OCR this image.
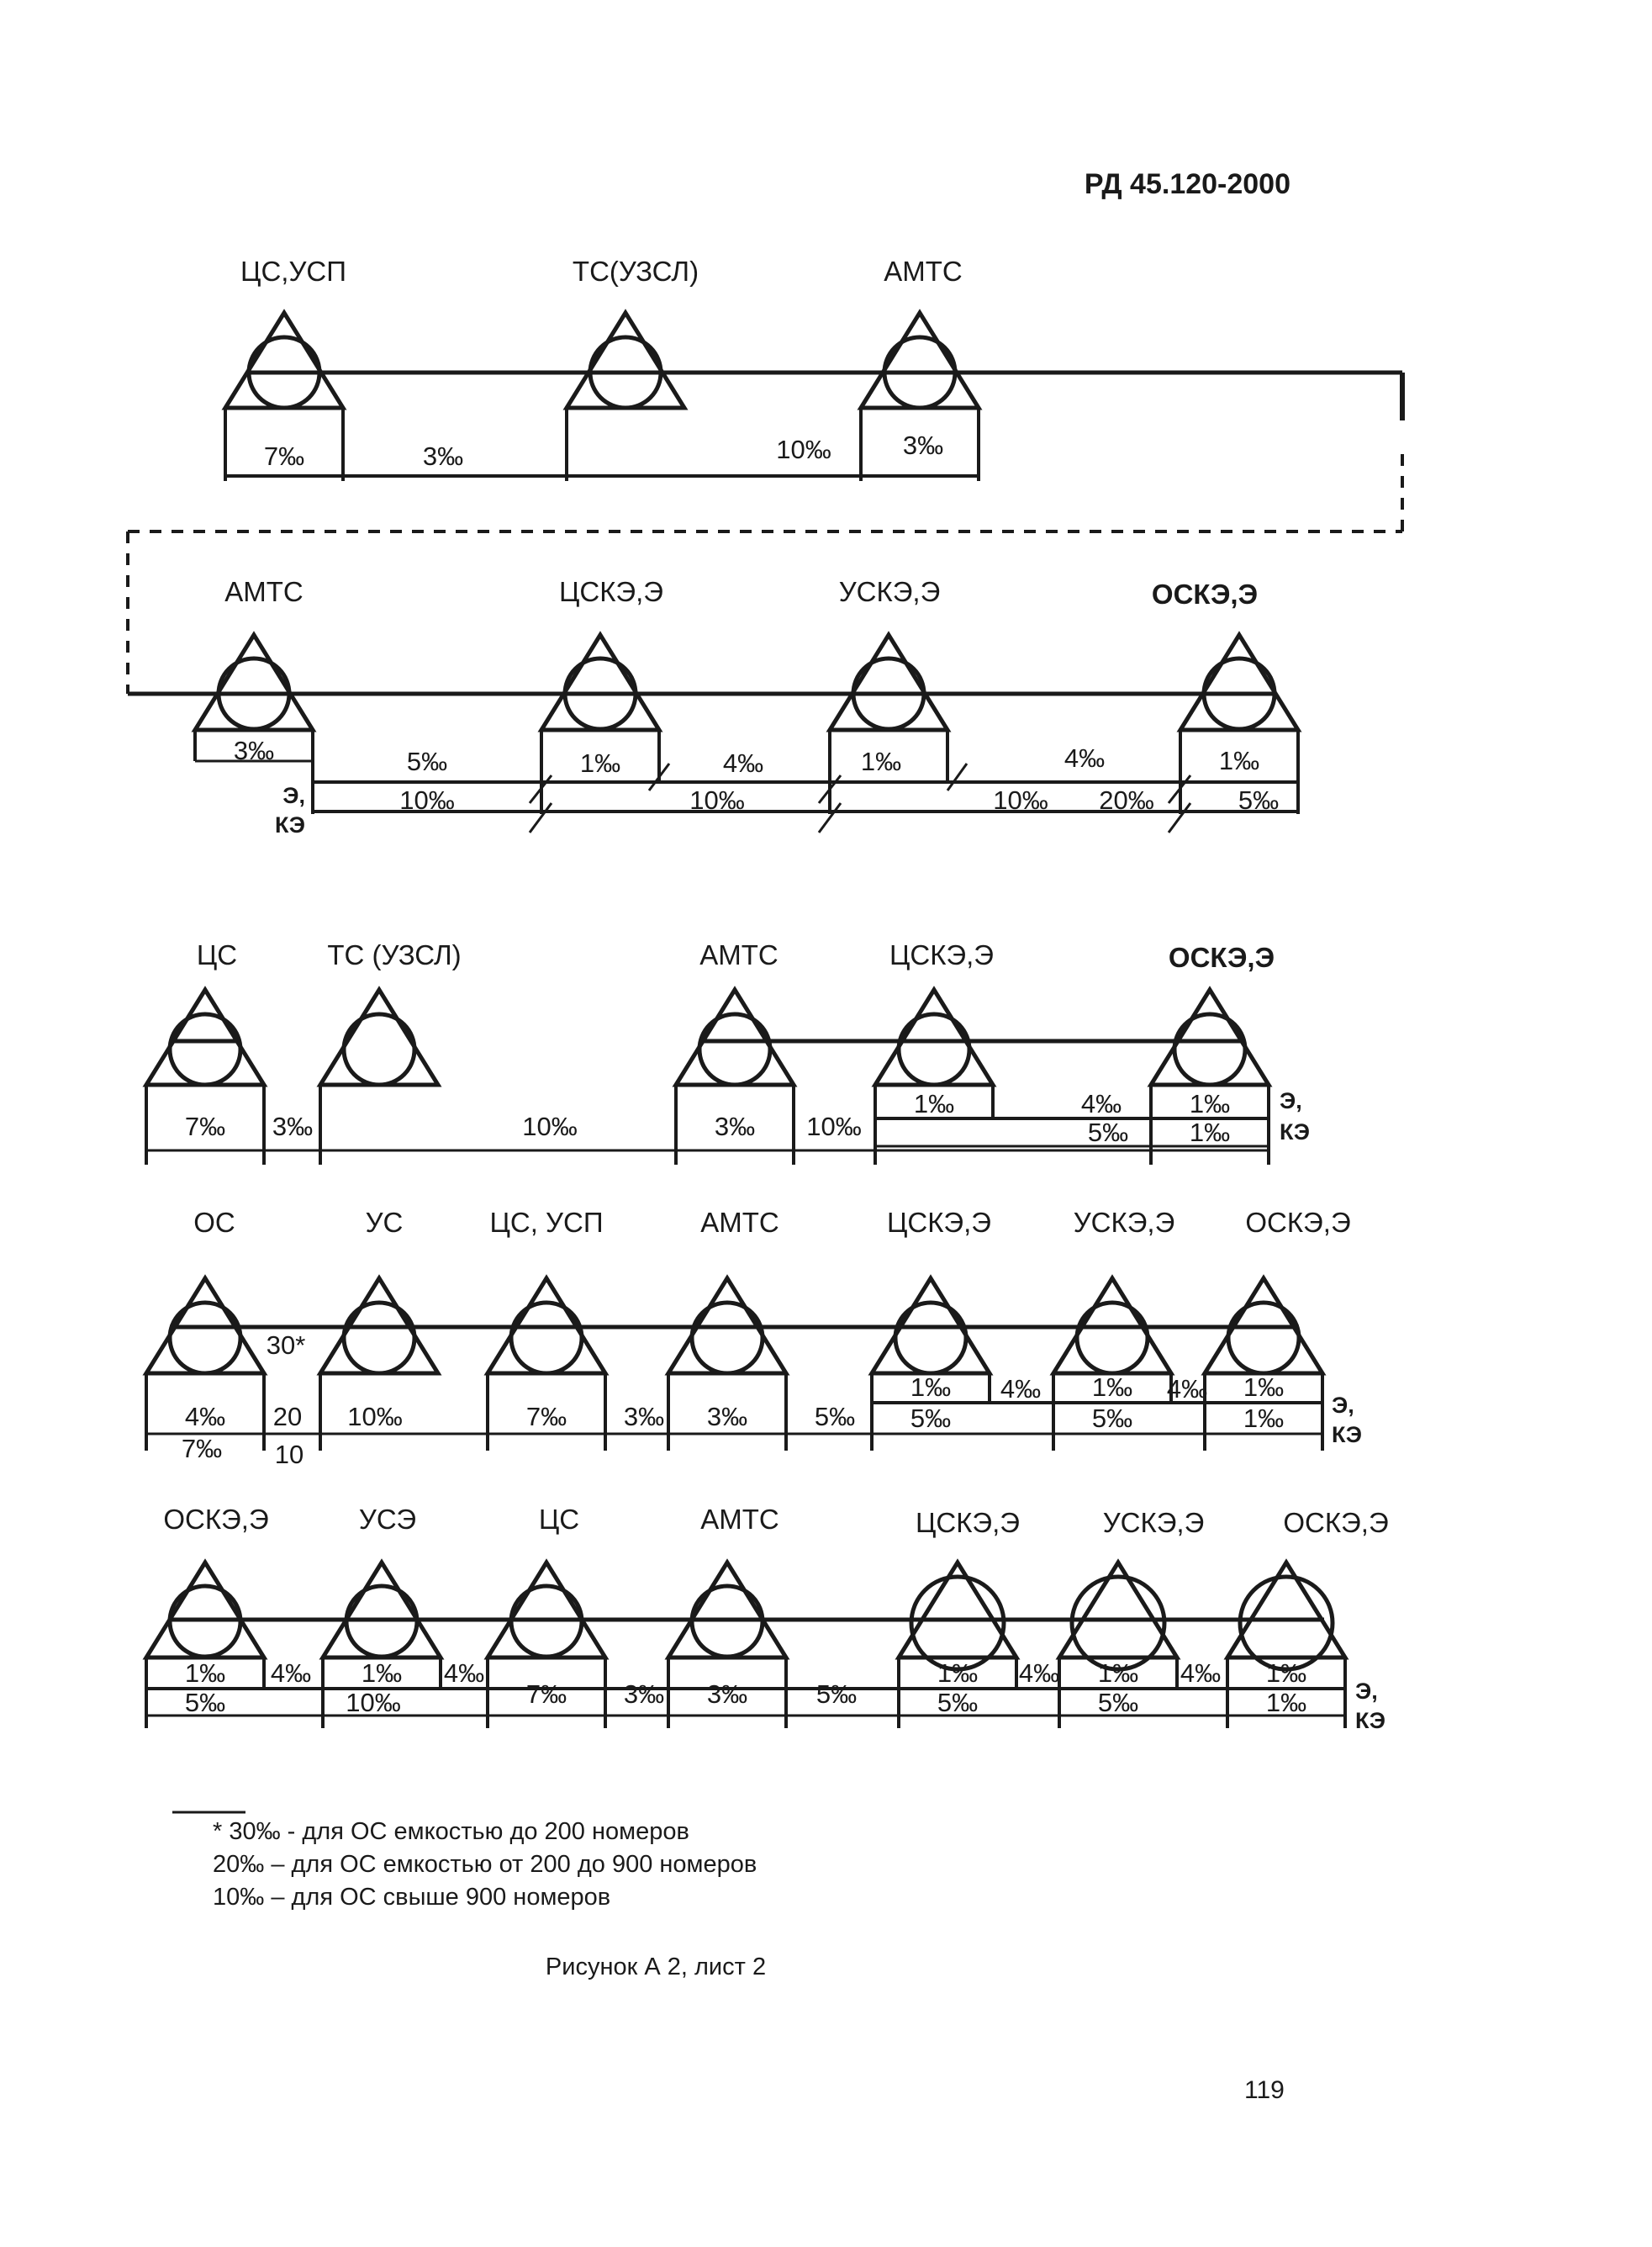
РД 45.120-2000
ЦС,УСП	ТС(УЗСЛ)	АМТС
7‰	3‰	10‰	3‰
АМТС	ЦСКЭ,Э	УСКЭ,Э	ОСКЭ,Э
3‰	5‰	1‰	4‰	1‰	4‰	1‰
10‰	10‰	10‰ 20‰	5‰
Э,
КЭ
ЦС	ТС (УЗСЛ)	АМТС	ЦСКЭ,Э	ОСКЭ,Э
7‰ 3‰	10‰	3‰ 10‰
1‰	4‰	1‰
5‰ 1‰
Э,
КЭ
ОС	УС	ЦС, УСП	АМТС	ЦСКЭ,Э	УСКЭ,Э	ОСКЭ,Э
30*
4‰ 20
7‰ 10
10‰	7‰ 3‰ 3‰	5‰
1‰ 4‰
5‰
1‰ 4‰
5‰
1‰
1‰ Э,
КЭ
ОСКЭ,Э	УСЭ	ЦС	АМТС	ЦСКЭ,Э	УСКЭ,Э	ОСКЭ,Э
1‰ 4‰
5‰
1‰ 4‰
10‰	7‰ 3‰ 3‰	5‰
1‰ 4‰
5‰
1‰ 4‰
5‰
1‰
1‰ Э,
КЭ
* 30‰ - для ОС емкостью до 200 номеров
20‰ – для ОС емкостью от 200 до 900 номеров
10‰ – для ОС свыше 900 номеров
Рисунок А 2, лист 2
119
